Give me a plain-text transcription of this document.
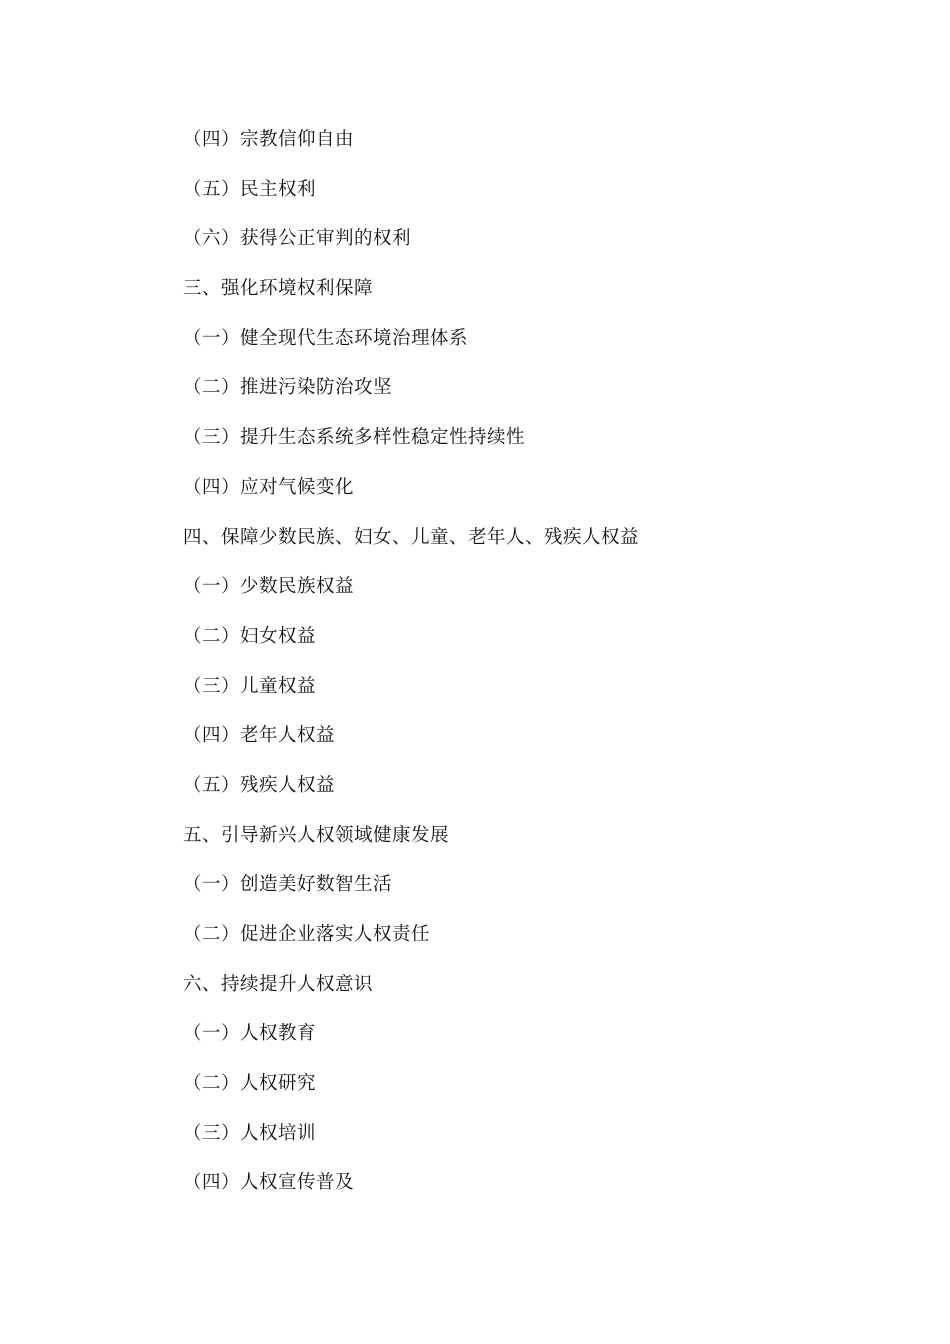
（四）宗教信仰自由
（五）民主权利
（六）获得公正审判的权利
三、强化环境权利保障
（一）健全现代生态环境治理体系
（二）推进污染防治攻坚
（三）提升生态系统多样性稳定性持续性
（四）应对气候变化
四、保障少数民族、妇女、儿童、老年人、残疾人权益
（一）少数民族权益
（二）妇女权益
（三）儿童权益
（四）老年人权益
（五）残疾人权益
五、引导新兴人权领域健康发展
（一）创造美好数智生活
（二）促进企业落实人权责任
六、持续提升人权意识
（一）人权教育
（二）人权研究
（三）人权培训
（四）人权宣传普及
